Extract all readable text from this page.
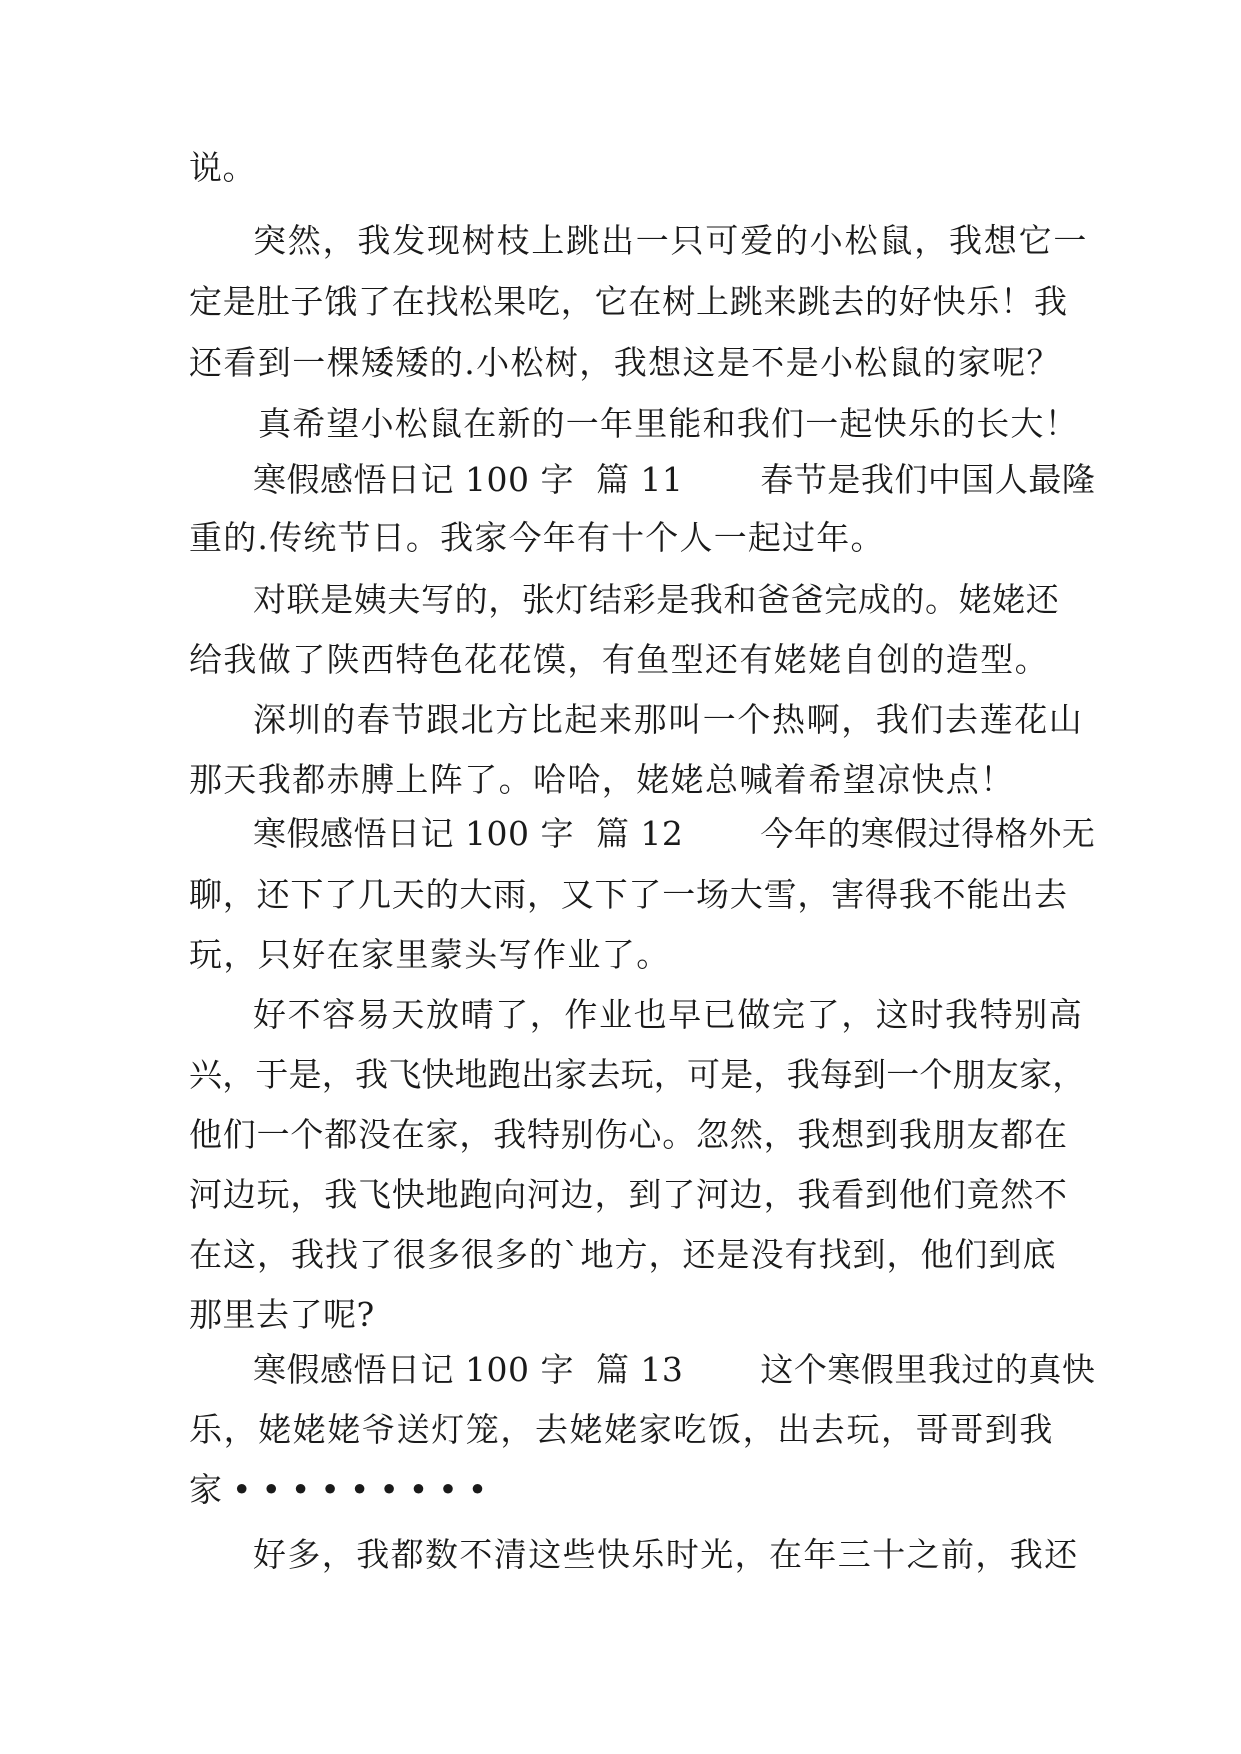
说。
突然，我发现树枝上跳出一只可爱的小松鼠，我想它一
定是肚子饿了在找松果吃，它在树上跳来跳去的好快乐！我
还看到一棵矮矮的.小松树，我想这是不是小松鼠的家呢？
真希望小松鼠在新的一年里能和我们一起快乐的长大！
寒假感悟日记 100 字  篇 11       春节是我们中国人最隆
重的.传统节日。我家今年有十个人一起过年。
对联是姨夫写的，张灯结彩是我和爸爸完成的。姥姥还
给我做了陕西特色花花馍，有鱼型还有姥姥自创的造型。
深圳的春节跟北方比起来那叫一个热啊，我们去莲花山
那天我都赤膊上阵了。哈哈，姥姥总喊着希望凉快点！
寒假感悟日记 100 字  篇 12       今年的寒假过得格外无
聊，还下了几天的大雨，又下了一场大雪，害得我不能出去
玩，只好在家里蒙头写作业了。
好不容易天放晴了，作业也早已做完了，这时我特别高
兴，于是，我飞快地跑出家去玩，可是，我每到一个朋友家，
他们一个都没在家，我特别伤心。忽然，我想到我朋友都在
河边玩，我飞快地跑向河边，到了河边，我看到他们竟然不
在这，我找了很多很多的`地方，还是没有找到，他们到底
那里去了呢?
寒假感悟日记 100 字  篇 13       这个寒假里我过的真快
乐，姥姥姥爷送灯笼，去姥姥家吃饭，出去玩，哥哥到我
家•••••••••
好多，我都数不清这些快乐时光，在年三十之前，我还
